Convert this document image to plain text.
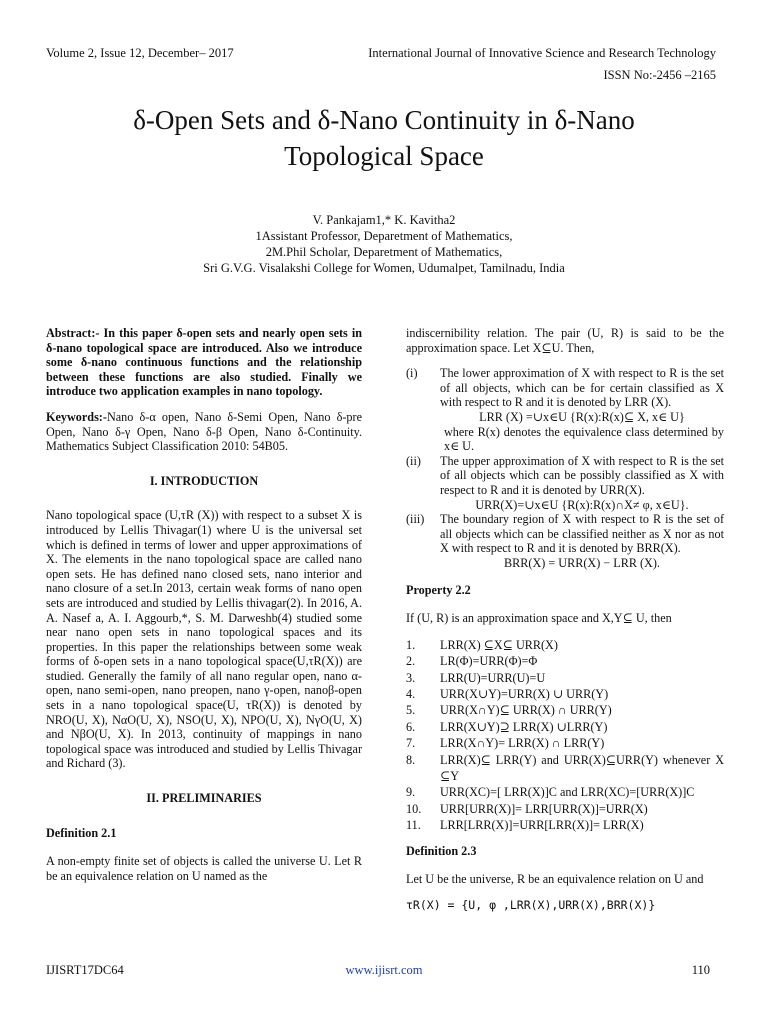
Volume 2, Issue 12, December– 2017	International Journal of Innovative Science and Research Technology
ISSN No:-2456 –2165
δ-Open Sets and δ-Nano Continuity in δ-Nano
Topological Space
V. Pankajam1,* K. Kavitha2
1Assistant Professor, Deparetment of Mathematics,
2M.Phil Scholar, Deparetment of Mathematics,
Sri G.V.G. Visalakshi College for Women, Udumalpet, Tamilnadu, India

Abstract:- In this paper δ-open sets and nearly open sets in δ-nano topological space are introduced. Also we introduce some δ-nano continuous functions and the relationship between these functions are also studied. Finally we introduce two application examples in nano topology.

Keywords:-Nano δ-α open, Nano δ-Semi Open, Nano δ-pre Open, Nano δ-γ Open, Nano δ-β Open, Nano δ-Continuity. Mathematics Subject Classification 2010: 54B05.

I. INTRODUCTION

Nano topological space (U,τR (X)) with respect to a subset X is introduced by Lellis Thivagar(1) where U is the universal set which is defined in terms of lower and upper approximations of X. The elements in the nano topological space are called nano open sets. He has defined nano closed sets, nano interior and nano closure of a set.In 2013, certain weak forms of nano open sets are introduced and studied by Lellis thivagar(2). In 2016, A. A. Nasef a, A. I. Aggourb,*, S. M. Darweshb(4) studied some near nano open sets in nano topological spaces and its properties. In this paper the relationships between some weak forms of δ-open sets in a nano topological space(U,τR(X)) are studied. Generally the family of all nano regular open, nano α-open, nano semi-open, nano preopen, nano γ-open, nanoβ-open sets in a nano topological space(U, τR(X)) is denoted by NRO(U, X), NαO(U, X), NSO(U, X), NPO(U, X), NγO(U, X) and NβO(U, X). In 2013, continuity of mappings in nano topological space was introduced and studied by Lellis Thivagar and Richard (3).

II. PRELIMINARIES
Definition 2.1

A non-empty finite set of objects is called the universe U. Let R be an equivalence relation on U named as the

indiscernibility relation. The pair (U, R) is said to be the approximation space. Let X⊆U. Then,

(i)	The lower approximation of X with respect to R is the set of all objects, which can be for certain classified as X with respect to R and it is denoted by LRR (X).
LRR (X) =∪x∈U {R(x):R(x)⊆ X, x∈ U}
where R(x) denotes the equivalence class determined by x∈ U.
(ii)	The upper approximation of X with respect to R is the set of all objects which can be possibly classified as X with respect to R and it is denoted by URR(X).
URR(X)=∪x∈U {R(x):R(x)∩X≠ φ, x∈U}.
(iii)	The boundary region of X with respect to R is the set of all objects which can be classified neither as X nor as not X with respect to R and it is denoted by BRR(X).
BRR(X) = URR(X) − LRR (X).
Property 2.2

If (U, R) is an approximation space and X,Y⊆ U, then

1.	LRR(X) ⊆X⊆ URR(X)
2.	LR(Φ)=URR(Φ)=Φ
3.	LRR(U)=URR(U)=U
4.	URR(X∪Y)=URR(X) ∪ URR(Y)
5.	URR(X∩Y)⊆ URR(X) ∩ URR(Y)
6.	LRR(X∪Y)⊇ LRR(X) ∪LRR(Y)
7.	LRR(X∩Y)= LRR(X) ∩ LRR(Y)
8.	LRR(X)⊆ LRR(Y) and URR(X)⊆URR(Y) whenever X ⊆Y
9.	URR(XC)=[ LRR(X)]C and LRR(XC)=[URR(X)]C
10.	URR[URR(X)]= LRR[URR(X)]=URR(X)
11.	LRR[LRR(X)]=URR[LRR(X)]= LRR(X)
Definition 2.3

Let U be the universe, R be an equivalence relation on U and

τR(X) = {U, φ ,LRR(X),URR(X),BRR(X)}
IJISRT17DC64	www.ijisrt.com	110
